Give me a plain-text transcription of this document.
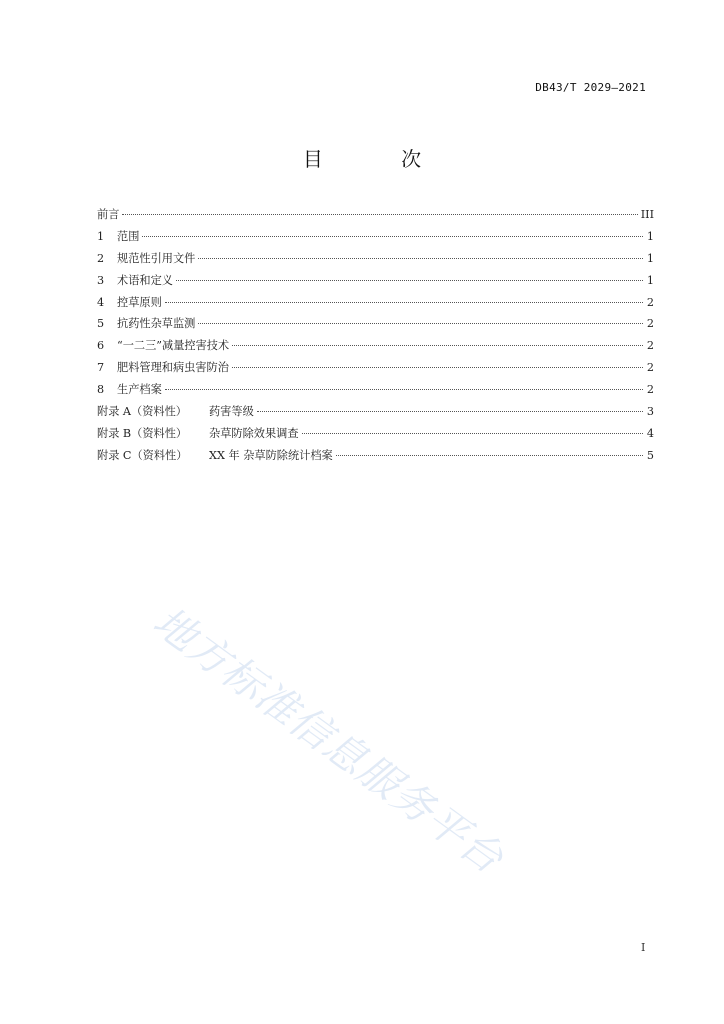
DB43/T 2029—2021
目 次
前言	III
1	范围	1
2	规范性引用文件	1
3	术语和定义	1
4	控草原则	2
5	抗药性杂草监测	2
6	“一二三”减量控害技术	2
7	肥料管理和病虫害防治	2
8	生产档案	2
附录 A（资料性）	药害等级	3
附录 B（资料性）	杂草防除效果调查	4
附录 C（资料性）	XX 年 杂草防除统计档案	5
地方标准信息服务平台
I
